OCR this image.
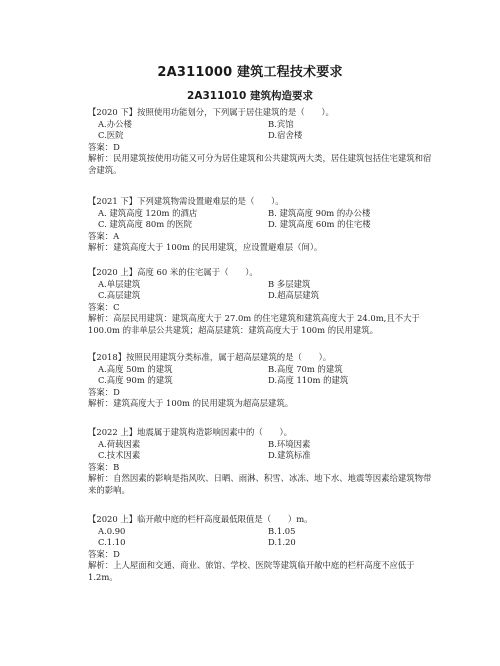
2A311000 建筑工程技术要求
2A311010 建筑构造要求
【2020 下】按照使用功能划分，下列属于居住建筑的是（　　）。
A.办公楼	B.宾馆
C.医院	D.宿舍楼
答案：D
解析：民用建筑按使用功能又可分为居住建筑和公共建筑两大类，居住建筑包括住宅建筑和宿舍建筑。
【2021 下】下列建筑物需设置避难层的是（　　）。
A. 建筑高度 120m 的酒店	B. 建筑高度 90m 的办公楼
C. 建筑高度 80m 的医院	D. 建筑高度 60m 的住宅楼
答案：A
解析：建筑高度大于 100m 的民用建筑，应设置避难层（间）。
【2020 上】高度 60 米的住宅属于（　　）。
A.单层建筑	B 多层建筑
C.高层建筑	D.超高层建筑
答案：C
解析：高层民用建筑：建筑高度大于 27.0m 的住宅建筑和建筑高度大于 24.0m,且不大于 100.0m 的非单层公共建筑；超高层建筑：建筑高度大于 100m 的民用建筑。
【2018】按照民用建筑分类标准，属于超高层建筑的是（　　）。
A.高度 50m 的建筑	B.高度 70m 的建筑
C.高度 90m 的建筑	D.高度 110m 的建筑
答案：D
解析：建筑高度大于 100m 的民用建筑为超高层建筑。
【2022 上】地震属于建筑构造影响因素中的（　　）。
A.荷载因素	B.环境因素
C.技术因素	D.建筑标准
答案：B
解析：自然因素的影响是指风吹、日晒、雨淋、积雪、冰冻、地下水、地震等因素给建筑物带来的影响。
【2020 上】临开敞中庭的栏杆高度最低限值是（　　）m。
A.0.90	B.1.05
C.1.10	D.1.20
答案：D
解析：上人屋面和交通、商业、旅馆、学校、医院等建筑临开敞中庭的栏杆高度不应低于 1.2m。
